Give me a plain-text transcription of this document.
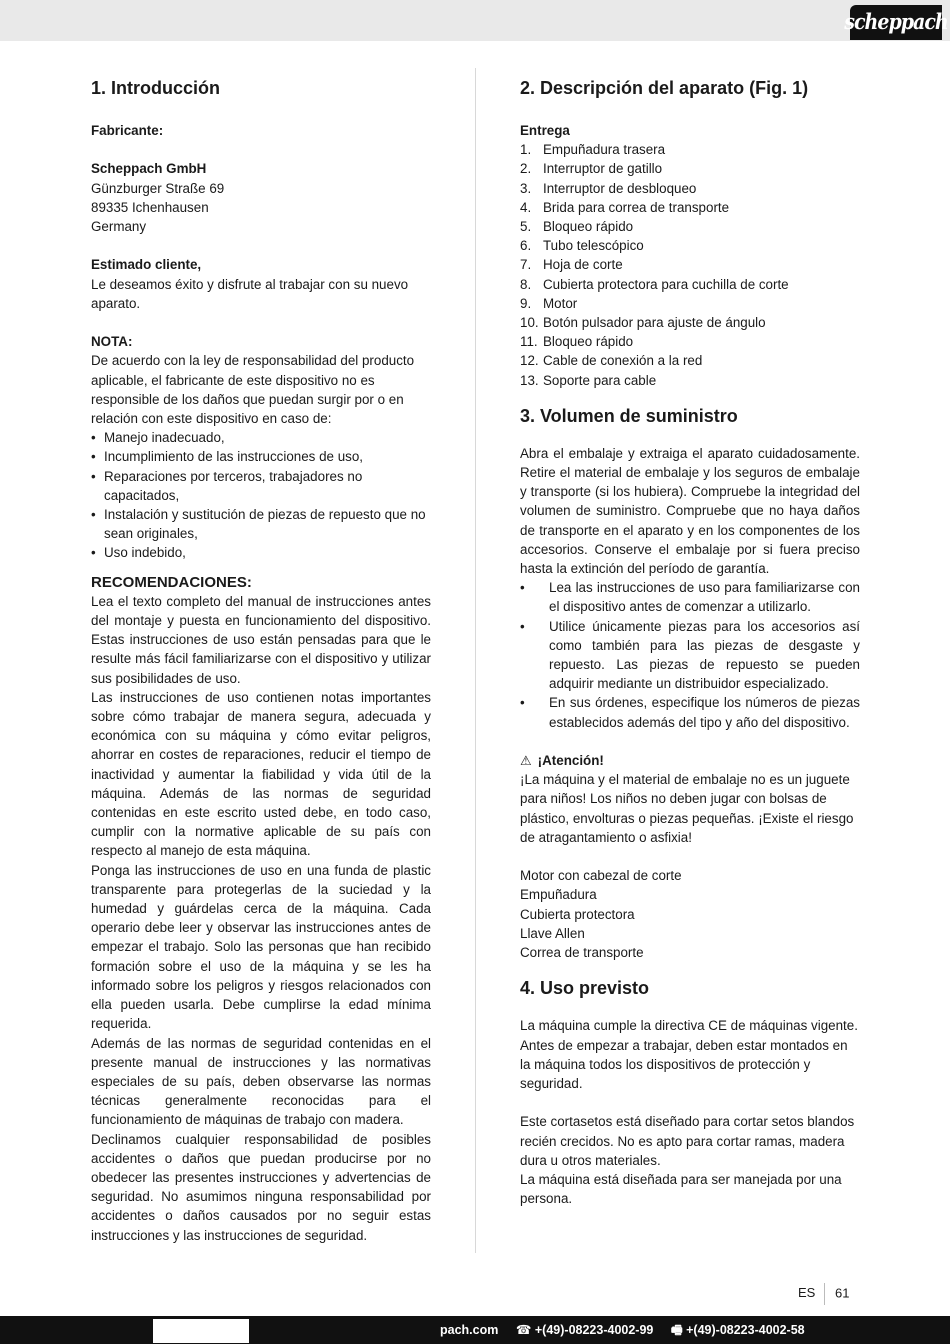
scheppach
1. Introducción

Fabricante:

Scheppach GmbH

Günzburger Straße 69

89335 Ichenhausen

Germany

Estimado cliente,

Le deseamos éxito y disfrute al trabajar con su nuevo aparato.

NOTA:

De acuerdo con la ley de responsabilidad del producto aplicable, el fabricante de este dispositivo no es responsible de los daños que puedan surgir por o en relación con este dispositivo en caso de:

• Manejo inadecuado,
• Incumplimiento de las instrucciones de uso,
• Reparaciones por terceros, trabajadores no capacitados,
• Instalación y sustitución de piezas de repuesto que no sean originales,
• Uso indebido,
RECOMENDACIONES:

Lea el texto completo del manual de instrucciones antes del montaje y puesta en funcionamiento del dispositivo. Estas instrucciones de uso están pensadas para que le resulte más fácil familiarizarse con el dispositivo y utilizar sus posibilidades de uso.

Las instrucciones de uso contienen notas importantes sobre cómo trabajar de manera segura, adecuada y económica con su máquina y cómo evitar peligros, ahorrar en costes de reparaciones, reducir el tiempo de inactividad y aumentar la fiabilidad y vida útil de la máquina. Además de las normas de seguridad contenidas en este escrito usted debe, en todo caso, cumplir con la normative aplicable de su país con respecto al manejo de esta máquina.

Ponga las instrucciones de uso en una funda de plastic transparente para protegerlas de la suciedad y la humedad y guárdelas cerca de la máquina. Cada operario debe leer y observar las instrucciones antes de empezar el trabajo. Solo las personas que han recibido formación sobre el uso de la máquina y se les ha informado sobre los peligros y riesgos relacionados con ella pueden usarla. Debe cumplirse la edad mínima requerida.

Además de las normas de seguridad contenidas en el presente manual de instrucciones y las normativas especiales de su país, deben observarse las normas técnicas generalmente reconocidas para el funcionamiento de máquinas de trabajo con madera.

Declinamos cualquier responsabilidad de posibles accidentes o daños que puedan producirse por no obedecer las presentes instrucciones y advertencias de seguridad. No asumimos ninguna responsabilidad por accidentes o daños causados por no seguir estas instrucciones y las instrucciones de seguridad.

2. Descripción del aparato (Fig. 1)

Entrega

1. Empuñadura trasera
2. Interruptor de gatillo
3. Interruptor de desbloqueo
4. Brida para correa de transporte
5. Bloqueo rápido
6. Tubo telescópico
7. Hoja de corte
8. Cubierta protectora para cuchilla de corte
9. Motor
10. Botón pulsador para ajuste de ángulo
11. Bloqueo rápido
12. Cable de conexión a la red
13. Soporte para cable
3. Volumen de suministro

Abra el embalaje y extraiga el aparato cuidadosamente. Retire el material de embalaje y los seguros de embalaje y transporte (si los hubiera). Compruebe la integridad del volumen de suministro. Compruebe que no haya daños de transporte en el aparato y en los componentes de los accesorios. Conserve el embalaje por si fuera preciso hasta la extinción del período de garantía.

• Lea las instrucciones de uso para familiarizarse con el dispositivo antes de comenzar a utilizarlo.
• Utilice únicamente piezas para los accesorios así como también para las piezas de desgaste y repuesto. Las piezas de repuesto se pueden adquirir mediante un distribuidor especializado.
• En sus órdenes, especifique los números de piezas establecidos además del tipo y año del dispositivo.

⚠ ¡Atención!

¡La máquina y el material de embalaje no es un juguete para niños! Los niños no deben jugar con bolsas de plástico, envolturas o piezas pequeñas. ¡Existe el riesgo de atragantamiento o asfixia!

Motor con cabezal de corte

Empuñadura

Cubierta protectora

Llave Allen

Correa de transporte

4. Uso previsto

La máquina cumple la directiva CE de máquinas vigente.

Antes de empezar a trabajar, deben estar montados en la máquina todos los dispositivos de protección y seguridad.

Este cortasetos está diseñado para cortar setos blandos recién crecidos. No es apto para cortar ramas, madera dura u otros materiales.

La máquina está diseñada para ser manejada por una persona.

ES 61
pach.com ☎ +(49)-08223-4002-99 🖷 +(49)-08223-4002-58
